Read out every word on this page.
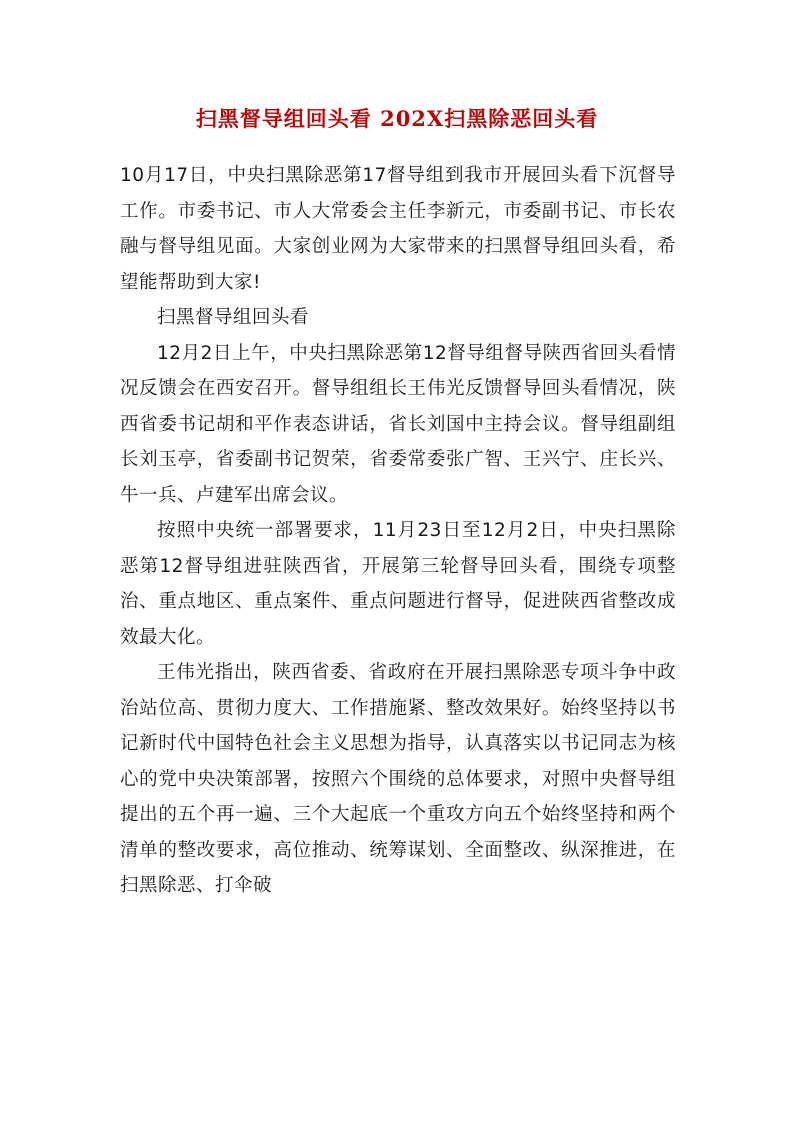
扫黑督导组回头看 202X扫黑除恶回头看

10月17日，中央扫黑除恶第17督导组到我市开展回头看下沉督导工作。市委书记、市人大常委会主任李新元，市委副书记、市长农融与督导组见面。大家创业网为大家带来的扫黑督导组回头看，希望能帮助到大家!

扫黑督导组回头看

12月2日上午，中央扫黑除恶第12督导组督导陕西省回头看情况反馈会在西安召开。督导组组长王伟光反馈督导回头看情况，陕西省委书记胡和平作表态讲话，省长刘国中主持会议。督导组副组长刘玉亭，省委副书记贺荣，省委常委张广智、王兴宁、庄长兴、牛一兵、卢建军出席会议。

按照中央统一部署要求，11月23日至12月2日，中央扫黑除恶第12督导组进驻陕西省，开展第三轮督导回头看，围绕专项整治、重点地区、重点案件、重点问题进行督导，促进陕西省整改成效最大化。

王伟光指出，陕西省委、省政府在开展扫黑除恶专项斗争中政治站位高、贯彻力度大、工作措施紧、整改效果好。始终坚持以书记新时代中国特色社会主义思想为指导，认真落实以书记同志为核心的党中央决策部署，按照六个围绕的总体要求，对照中央督导组提出的五个再一遍、三个大起底一个重攻方向五个始终坚持和两个清单的整改要求，高位推动、统筹谋划、全面整改、纵深推进，在扫黑除恶、打伞破
